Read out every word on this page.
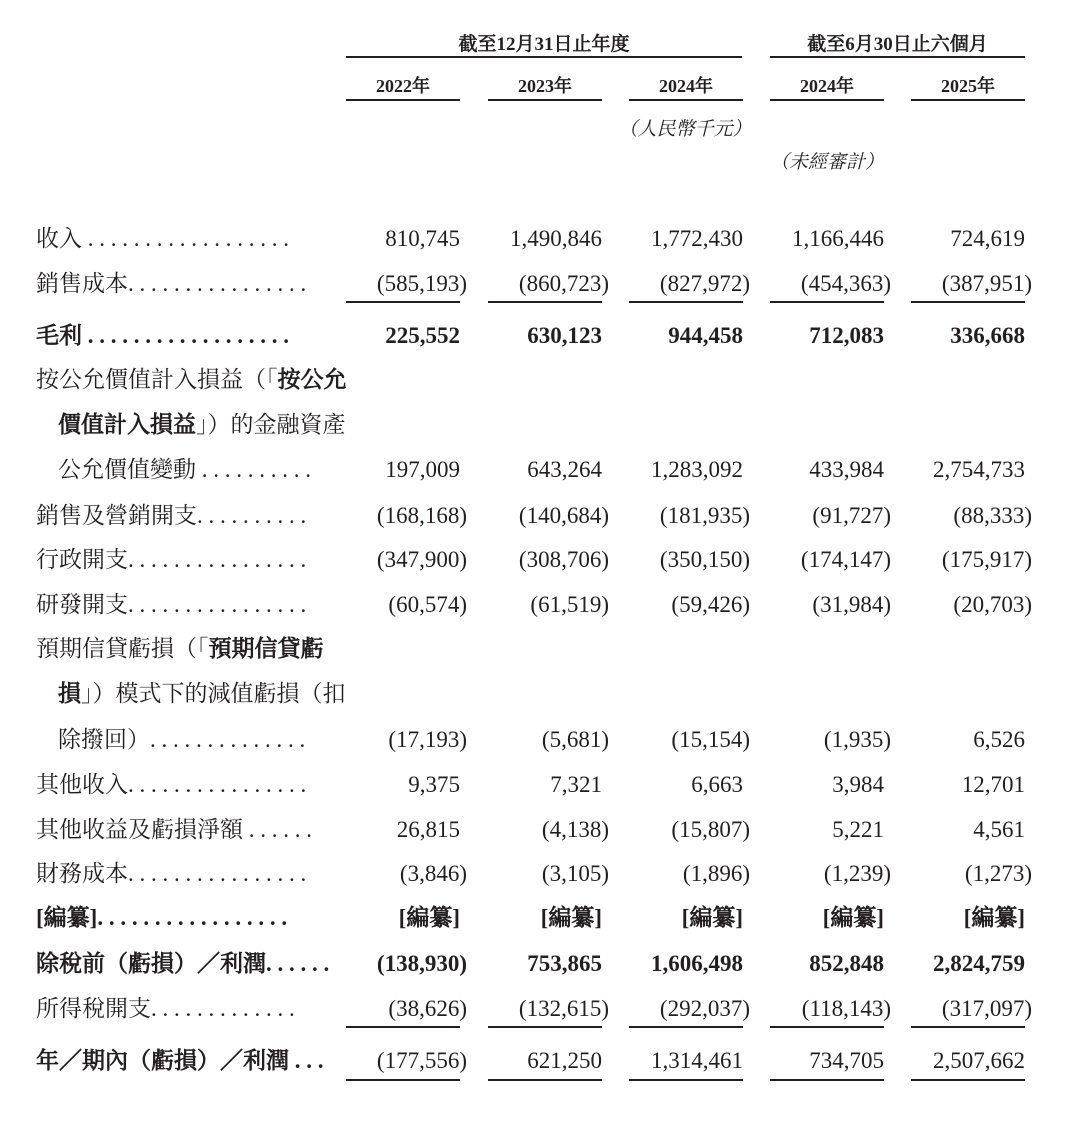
截至12月31日止年度	截至6月30日止六個月
2022年	2023年	2024年	2024年	2025年
（人民幣千元）
（未經審計）
收入 . . . . . . . . . . . . . . . . . .	810,745 1,490,846 1,772,430 1,166,446	724,619
銷售成本. . . . . . . . . . . . . . . .	(585,193) (860,723) (827,972) (454,363) (387,951)
毛利 . . . . . . . . . . . . . . . . . .	225,552	630,123	944,458	712,083	336,668
按公允價值計入損益（「按公允
價值計入損益」）的金融資產
公允價值變動 . . . . . . . . . .	197,009	643,264 1,283,092	433,984 2,754,733
銷售及營銷開支. . . . . . . . . .	(168,168) (140,684) (181,935)	(91,727)	(88,333)
行政開支. . . . . . . . . . . . . . . .	(347,900) (308,706) (350,150) (174,147) (175,917)
研發開支. . . . . . . . . . . . . . . .	(60,574)	(61,519)	(59,426)	(31,984)	(20,703)
預期信貸虧損（「預期信貸虧
損」）模式下的減值虧損（扣
除撥回）. . . . . . . . . . . . . .	(17,193)	(5,681)	(15,154)	(1,935)	6,526
其他收入. . . . . . . . . . . . . . . .	9,375	7,321	6,663	3,984	12,701
其他收益及虧損淨額 . . . . . .	26,815	(4,138)	(15,807)	5,221	4,561
財務成本. . . . . . . . . . . . . . . .	(3,846)	(3,105)	(1,896)	(1,239)	(1,273)
[編纂]. . . . . . . . . . . . . . . . .	[編纂]	[編纂]	[編纂]	[編纂]	[編纂]
除稅前（虧損）／利潤. . . . . . (138,930)	753,865 1,606,498	852,848 2,824,759
所得稅開支. . . . . . . . . . . . .	(38,626) (132,615) (292,037) (118,143) (317,097)
年／期內（虧損）／利潤 . . . (177,556)	621,250 1,314,461	734,705 2,507,662
